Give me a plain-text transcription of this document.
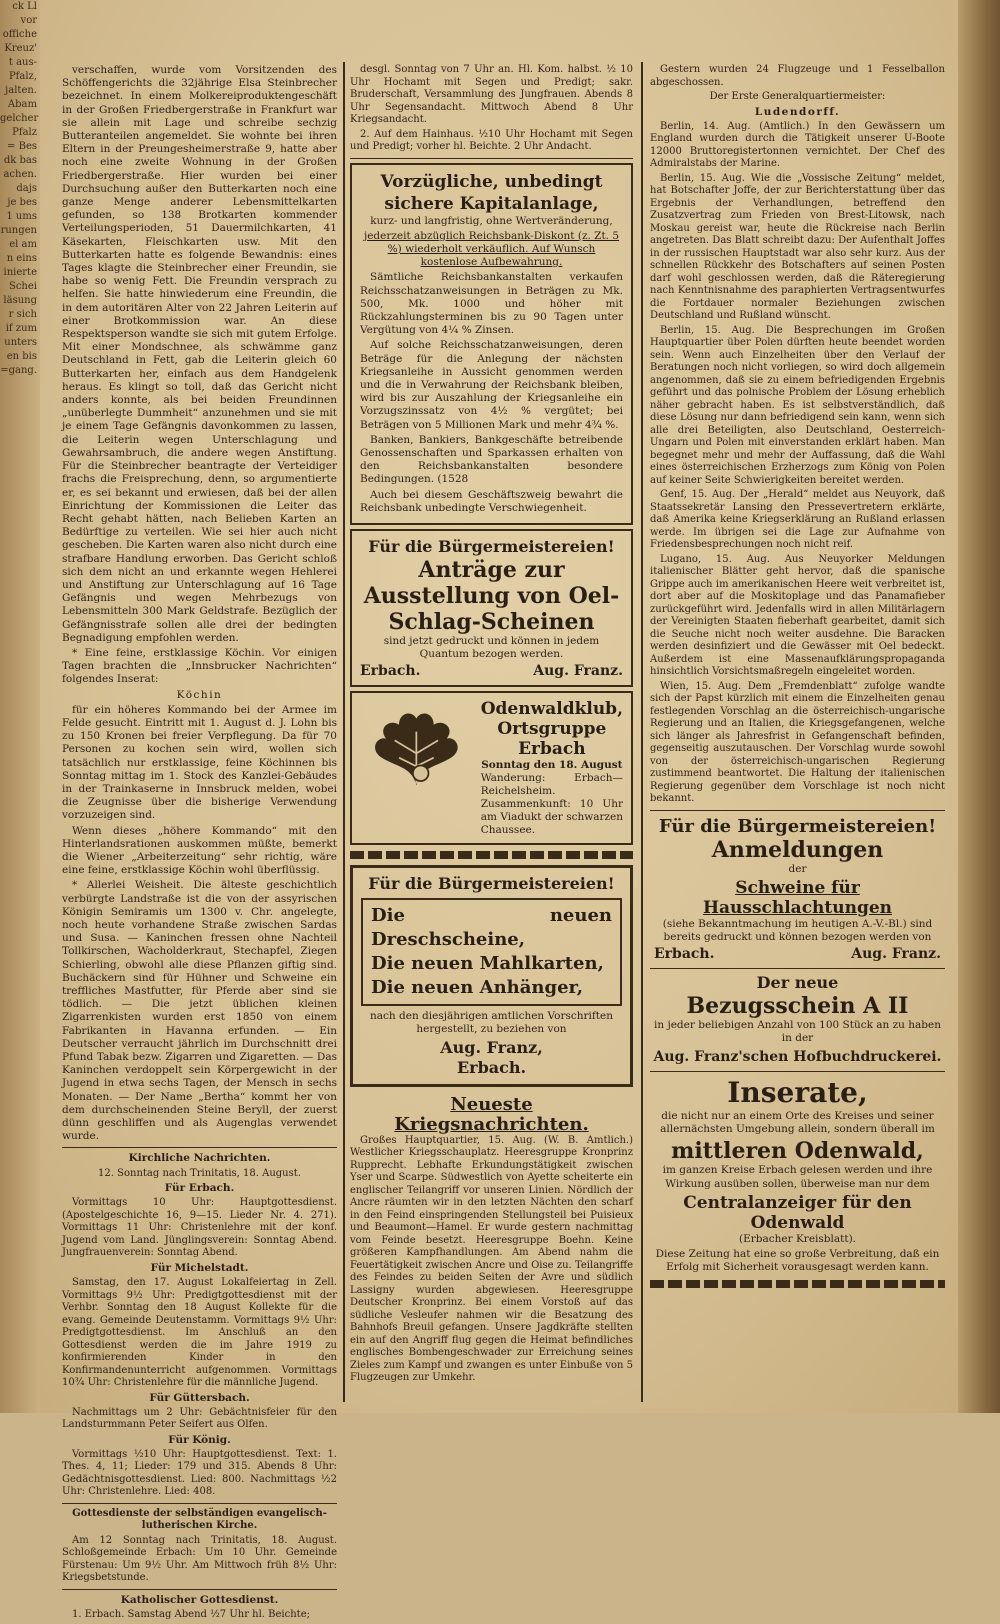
ck Ll vor

offiche

Kreuz'

t aus-

Pfalz,

jalten.

Abam

gelcher

Pfalz

= Bes

dk bas

achen.

dajs

je bes

1 ums

rungen

el am

n eins

inierte

Schei

läsung

r sich

if zum

unters

en bis

=gang.

verschaffen, wurde vom Vorsitzenden des Schöffengerichts die 32jährige Elsa Steinbrecher bezeichnet. In einem Molkereiproduktengeschäft in der Großen Friedbergerstraße in Frankfurt war sie allein mit Lage und schreibe sechzig Butteranteilen angemeldet. Sie wohnte bei ihren Eltern in der Preungesheimerstraße 9, hatte aber noch eine zweite Wohnung in der Großen Friedbergerstraße. Hier wurden bei einer Durchsuchung außer den Butterkarten noch eine ganze Menge anderer Lebensmittelkarten gefunden, so 138 Brotkarten kommender Verteilungsperioden, 51 Dauermilchkarten, 41 Käsekarten, Fleischkarten usw. Mit den Butterkarten hatte es folgende Bewandnis: eines Tages klagte die Steinbrecher einer Freundin, sie habe so wenig Fett. Die Freundin versprach zu helfen. Sie hatte hinwiederum eine Freundin, die in dem autoritären Alter von 22 Jahren Leiterin auf einer Brotkommission war. An diese Respektsperson wandte sie sich mit gutem Erfolge. Mit einer Mondschnee, als schwämme ganz Deutschland in Fett, gab die Leiterin gleich 60 Butterkarten her, einfach aus dem Handgelenk heraus. Es klingt so toll, daß das Gericht nicht anders konnte, als bei beiden Freundinnen „unüberlegte Dummheit“ anzunehmen und sie mit je einem Tage Gefängnis davonkommen zu lassen, die Leiterin wegen Unterschlagung und Gewahrsambruch, die andere wegen Anstiftung. Für die Steinbrecher beantragte der Verteidiger frachs die Freisprechung, denn, so argumentierte er, es sei bekannt und erwiesen, daß bei der allen Einrichtung der Kommissionen die Leiter das Recht gehabt hätten, nach Belieben Karten an Bedürftige zu verteilen. Wie sei hier auch nicht gescheben. Die Karten waren also nicht durch eine strafbare Handlung erworben. Das Gericht schloß sich dem nicht an und erkannte wegen Hehlerei und Anstiftung zur Unterschlagung auf 16 Tage Gefängnis und wegen Mehrbezugs von Lebensmitteln 300 Mark Geldstrafe. Bezüglich der Gefängnisstrafe sollen alle drei der bedingten Begnadigung empfohlen werden.

* Eine feine, erstklassige Köchin. Vor einigen Tagen brachten die „Innsbrucker Nachrichten“ folgendes Inserat:

Köchin

für ein höheres Kommando bei der Armee im Felde gesucht. Eintritt mit 1. August d. J. Lohn bis zu 150 Kronen bei freier Verpflegung. Da für 70 Personen zu kochen sein wird, wollen sich tatsächlich nur erstklassige, feine Köchinnen bis Sonntag mittag im 1. Stock des Kanzlei-Gebäudes in der Trainkaserne in Innsbruck melden, wobei die Zeugnisse über die bisherige Verwendung vorzuzeigen sind.

Wenn dieses „höhere Kommando“ mit den Hinterlandsrationen auskommen müßte, bemerkt die Wiener „Arbeiterzeitung“ sehr richtig, wäre eine feine, erstklassige Köchin wohl überflüssig.

* Allerlei Weisheit. Die älteste geschichtlich verbürgte Landstraße ist die von der assyrischen Königin Semiramis um 1300 v. Chr. angelegte, noch heute vorhandene Straße zwischen Sardas und Susa. — Kaninchen fressen ohne Nachteil Tollkirschen, Wacholderkraut, Stechapfel, Ziegen Schierling, obwohl alle diese Pflanzen giftig sind. Buchäckern sind für Hühner und Schweine ein treffliches Mastfutter, für Pferde aber sind sie tödlich. — Die jetzt üblichen kleinen Zigarrenkisten wurden erst 1850 von einem Fabrikanten in Havanna erfunden. — Ein Deutscher verraucht jährlich im Durchschnitt drei Pfund Tabak bezw. Zigarren und Zigaretten. — Das Kaninchen verdoppelt sein Körpergewicht in der Jugend in etwa sechs Tagen, der Mensch in sechs Monaten. — Der Name „Bertha“ kommt her von dem durchscheinenden Steine Beryll, der zuerst dünn geschliffen und als Augenglas verwendet wurde.

Kirchliche Nachrichten.

12. Sonntag nach Trinitatis, 18. August.

Für Erbach.

Vormittags 10 Uhr: Hauptgottesdienst. (Apostelgeschichte 16, 9—15. Lieder Nr. 4. 271). Vormittags 11 Uhr: Christenlehre mit der konf. Jugend vom Land. Jünglingsverein: Sonntag Abend. Jungfrauenverein: Sonntag Abend.

Für Michelstadt.

Samstag, den 17. August Lokalfeiertag in Zell. Vormittags 9½ Uhr: Predigtgottesdienst mit der Verhbr. Sonntag den 18 August Kollekte für die evang. Gemeinde Deutenstamm. Vormittags 9½ Uhr: Predigtgottesdienst. Im Anschluß an den Gottesdienst werden die im Jahre 1919 zu konfirmierenden Kinder in den Konfirmandenunterricht aufgenommen. Vormittags 10¾ Uhr: Christenlehre für die männliche Jugend.

Für Güttersbach.

Nachmittags um 2 Uhr: Gebächtnisfeier für den Landsturmmann Peter Seifert aus Olfen.

Für König.

Vormittags ½10 Uhr: Hauptgottesdienst. Text: 1. Thes. 4, 11; Lieder: 179 und 315. Abends 8 Uhr: Gedächtnisgottesdienst. Lied: 800. Nachmittags ½2 Uhr: Christenlehre. Lied: 408.

Gottesdienste der selbständigen evangelisch-lutherischen Kirche.

Am 12 Sonntag nach Trinitatis, 18. August. Schloßgemeinde Erbach: Um 10 Uhr. Gemeinde Fürstenau: Um 9½ Uhr. Am Mittwoch früh 8½ Uhr: Kriegsbetstunde.

Katholischer Gottesdienst.

1. Erbach. Samstag Abend ½7 Uhr hl. Beichte;

desgl. Sonntag von 7 Uhr an. Hl. Kom. halbst. ½ 10 Uhr Hochamt mit Segen und Predigt; sakr. Bruderschaft, Versammlung des Jungfrauen. Abends 8 Uhr Segensandacht. Mittwoch Abend 8 Uhr Kriegsandacht.

2. Auf dem Hainhaus. ½10 Uhr Hochamt mit Segen und Predigt; vorher hl. Beichte. 2 Uhr Andacht.

Vorzügliche, unbedingt sichere Kapitalanlage,

kurz- und langfristig, ohne Wertveränderung,

jederzeit abzüglich Reichsbank-Diskont (z. Zt. 5 %) wiederholt verkäuflich. Auf Wunsch kostenlose Aufbewahrung.

Sämtliche Reichsbankanstalten verkaufen Reichsschatzanweisungen in Beträgen zu Mk. 500, Mk. 1000 und höher mit Rückzahlungsterminen bis zu 90 Tagen unter Vergütung von 4¼ % Zinsen.

Auf solche Reichsschatzanweisungen, deren Beträge für die Anlegung der nächsten Kriegsanleihe in Aussicht genommen werden und die in Verwahrung der Reichsbank bleiben, wird bis zur Auszahlung der Kriegsanleihe ein Vorzugszinssatz von 4½ % vergütet; bei Beträgen von 5 Millionen Mark und mehr 4¾ %.

Banken, Bankiers, Bankgeschäfte betreibende Genossenschaften und Sparkassen erhalten von den Reichsbankanstalten besondere Bedingungen. (1528

Auch bei diesem Geschäftszweig bewahrt die Reichsbank unbedingte Verschwiegenheit.

Für die Bürgermeistereien!
Anträge zur Ausstellung von Oel-Schlag-Scheinen

sind jetzt gedruckt und können in jedem Quantum bezogen werden.

Erbach.	Aug. Franz.
Odenwaldklub, Ortsgruppe Erbach
Sonntag den 18. August
Wanderung: Erbach—Reichelsheim. Zusammenkunft: 10 Uhr am Viadukt der schwarzen Chaussee.
Für die Bürgermeistereien!
Die neuen Dreschscheine,
Die neuen Mahlkarten,
Die neuen Anhänger,

nach den diesjährigen amtlichen Vorschriften hergestellt, zu beziehen von

Aug. Franz,
Erbach.
Neueste Kriegsnachrichten.

Großes Hauptquartier, 15. Aug. (W. B. Amtlich.) Westlicher Kriegsschauplatz. Heeresgruppe Kronprinz Rupprecht. Lebhafte Erkundungstätigkeit zwischen Yser und Scarpe. Südwestlich von Ayette scheiterte ein englischer Teilangriff vor unseren Linien. Nördlich der Ancre räumten wir in den letzten Nächten den scharf in den Feind einspringenden Stellungsteil bei Puisieux und Beaumont—Hamel. Er wurde gestern nachmittag vom Feinde besetzt. Heeresgruppe Boehn. Keine größeren Kampfhandlungen. Am Abend nahm die Feuertätigkeit zwischen Ancre und Oise zu. Teilangriffe des Feindes zu beiden Seiten der Avre und südlich Lassigny wurden abgewiesen. Heeresgruppe Deutscher Kronprinz. Bei einem Vorstoß auf das südliche Vesleufer nahmen wir die Besatzung des Bahnhofs Breuil gefangen. Unsere Jagdkräfte stellten ein auf den Angriff flug gegen die Heimat befindliches englisches Bombengeschwader zur Erreichung seines Zieles zum Kampf und zwangen es unter Einbuße von 5 Flugzeugen zur Umkehr.

Gestern wurden 24 Flugzeuge und 1 Fesselballon abgeschossen.

Der Erste Generalquartiermeister:

Ludendorff.

Berlin, 14. Aug. (Amtlich.) In den Gewässern um England wurden durch die Tätigkeit unserer U-Boote 12000 Bruttoregistertonnen vernichtet. Der Chef des Admiralstabs der Marine.

Berlin, 15. Aug. Wie die „Vossische Zeitung“ meldet, hat Botschafter Joffe, der zur Berichterstattung über das Ergebnis der Verhandlungen, betreffend den Zusatzvertrag zum Frieden von Brest-Litowsk, nach Moskau gereist war, heute die Rückreise nach Berlin angetreten. Das Blatt schreibt dazu: Der Aufenthalt Joffes in der russischen Hauptstadt war also sehr kurz. Aus der schnellen Rückkehr des Botschafters auf seinen Posten darf wohl geschlossen werden, daß die Räteregierung nach Kenntnisnahme des paraphierten Vertragsentwurfes die Fortdauer normaler Beziehungen zwischen Deutschland und Rußland wünscht.

Berlin, 15. Aug. Die Besprechungen im Großen Hauptquartier über Polen dürften heute beendet worden sein. Wenn auch Einzelheiten über den Verlauf der Beratungen noch nicht vorliegen, so wird doch allgemein angenommen, daß sie zu einem befriedigenden Ergebnis geführt und das polnische Problem der Lösung erheblich näher gebracht haben. Es ist selbstverständlich, daß diese Lösung nur dann befriedigend sein kann, wenn sich alle drei Beteiligten, also Deutschland, Oesterreich-Ungarn und Polen mit einverstanden erklärt haben. Man begegnet mehr und mehr der Auffassung, daß die Wahl eines österreichischen Erzherzogs zum König von Polen auf keiner Seite Schwierigkeiten bereitet werden.

Genf, 15. Aug. Der „Herald“ meldet aus Neuyork, daß Staatssekretär Lansing den Pressevertretern erklärte, daß Amerika keine Kriegserklärung an Rußland erlassen werde. Im übrigen sei die Lage zur Aufnahme von Friedensbesprechungen noch nicht reif.

Lugano, 15. Aug. Aus Neuyorker Meldungen italienischer Blätter geht hervor, daß die spanische Grippe auch im amerikanischen Heere weit verbreitet ist, dort aber auf die Moskitoplage und das Panamafieber zurückgeführt wird. Jedenfalls wird in allen Militärlagern der Vereinigten Staaten fieberhaft gearbeitet, damit sich die Seuche nicht noch weiter ausdehne. Die Baracken werden desinfiziert und die Gewässer mit Oel bedeckt. Außerdem ist eine Massenaufklärungspropaganda hinsichtlich Vorsichtsmaßregeln eingeleitet worden.

Wien, 15. Aug. Dem „Fremdenblatt“ zufolge wandte sich der Papst kürzlich mit einem die Einzelheiten genau festlegenden Vorschlag an die österreichisch-ungarische Regierung und an Italien, die Kriegsgefangenen, welche sich länger als Jahresfrist in Gefangenschaft befinden, gegenseitig auszutauschen. Der Vorschlag wurde sowohl von der österreichisch-ungarischen Regierung zustimmend beantwortet. Die Haltung der italienischen Regierung gegenüber dem Vorschlage ist noch nicht bekannt.

Für die Bürgermeistereien!
Anmeldungen

der

Schweine für Hausschlachtungen

(siehe Bekanntmachung im heutigen A.-V.-Bl.) sind bereits gedruckt und können bezogen werden von

Erbach.	Aug. Franz.
Der neue
Bezugsschein A II

in jeder beliebigen Anzahl von 100 Stück an zu haben in der

Aug. Franz'schen Hofbuchdruckerei.
Inserate,

die nicht nur an einem Orte des Kreises und seiner allernächsten Umgebung allein, sondern überall im

mittleren Odenwald,

im ganzen Kreise Erbach gelesen werden und ihre Wirkung ausüben sollen, überweise man nur dem

Centralanzeiger für den Odenwald

(Erbacher Kreisblatt).

Diese Zeitung hat eine so große Verbreitung, daß ein Erfolg mit Sicherheit vorausgesagt werden kann.
